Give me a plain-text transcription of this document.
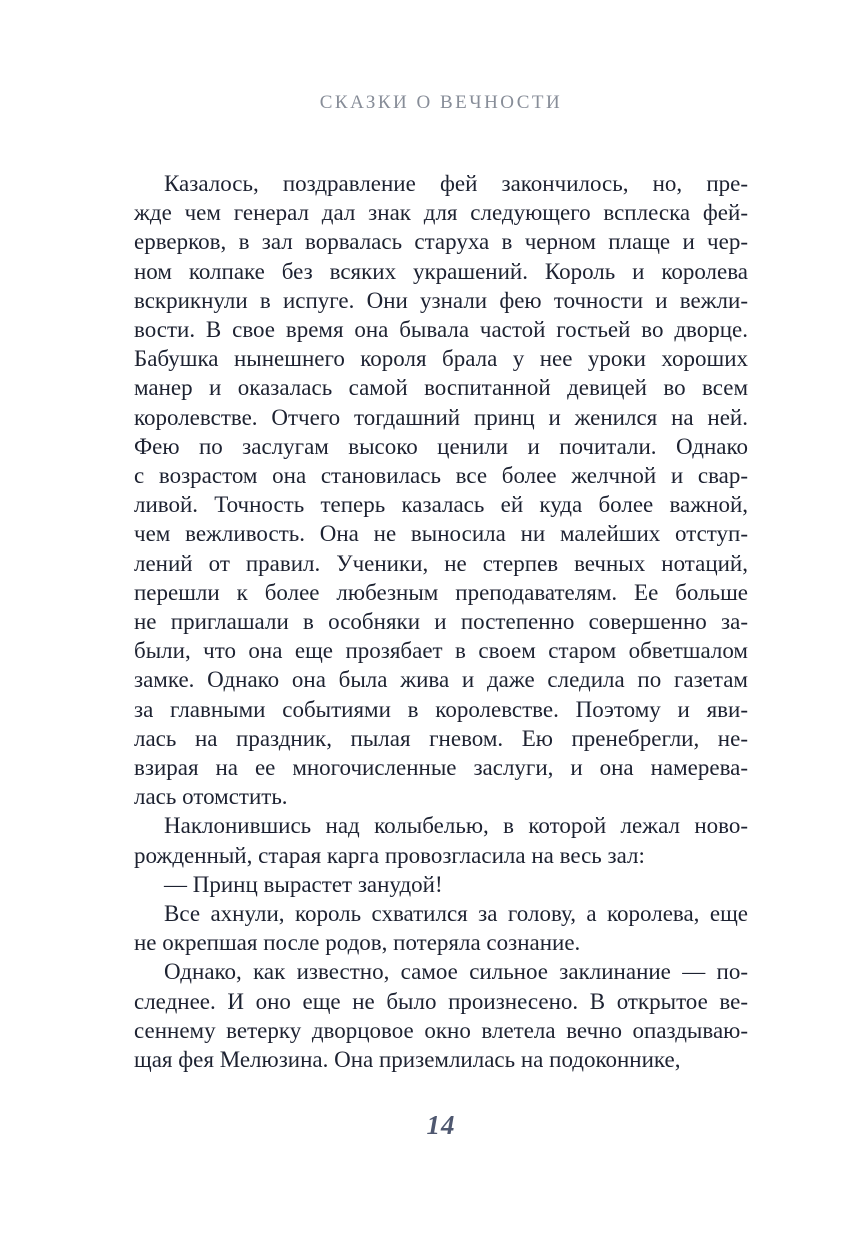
СКАЗКИ О ВЕЧНОСТИ

Казалось, поздравление фей закончилось, но, пре-
жде чем генерал дал знак для следующего всплеска фей-
ерверков, в зал ворвалась старуха в черном плаще и чер-
ном колпаке без всяких украшений. Король и королева
вскрикнули в испуге. Они узнали фею точности и вежли-
вости. В свое время она бывала частой гостьей во дворце.
Бабушка нынешнего короля брала у нее уроки хороших
манер и оказалась самой воспитанной девицей во всем
королевстве. Отчего тогдашний принц и женился на ней.
Фею по заслугам высоко ценили и почитали. Однако
с возрастом она становилась все более желчной и свар-
ливой. Точность теперь казалась ей куда более важной,
чем вежливость. Она не выносила ни малейших отступ-
лений от правил. Ученики, не стерпев вечных нотаций,
перешли к более любезным преподавателям. Ее больше
не приглашали в особняки и постепенно совершенно за-
были, что она еще прозябает в своем старом обветшалом
замке. Однако она была жива и даже следила по газетам
за главными событиями в королевстве. Поэтому и яви-
лась на праздник, пылая гневом. Ею пренебрегли, не-
взирая на ее многочисленные заслуги, и она намерева-
лась отомстить.

Наклонившись над колыбелью, в которой лежал ново-
рожденный, старая карга провозгласила на весь зал:

— Принц вырастет занудой!

Все ахнули, король схватился за голову, а королева, еще
не окрепшая после родов, потеряла сознание.

Однако, как известно, самое сильное заклинание — по-
следнее. И оно еще не было произнесено. В открытое ве-
сеннему ветерку дворцовое окно влетела вечно опаздываю-
щая фея Мелюзина. Она приземлилась на подоконнике,

14
